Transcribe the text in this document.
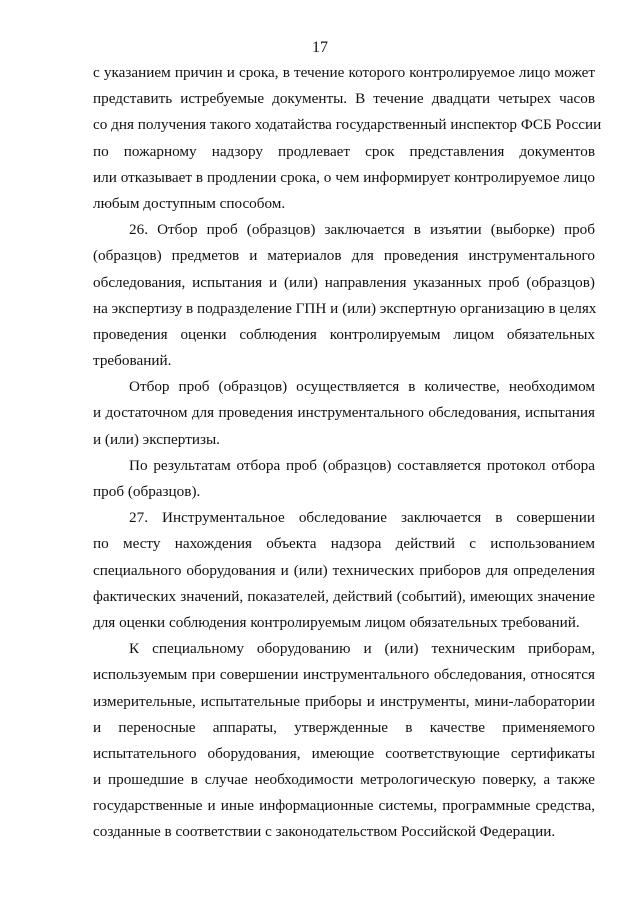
17
с указанием причин и срока, в течение которого контролируемое лицо может
представить истребуемые документы. В течение двадцати четырех часов
со дня получения такого ходатайства государственный инспектор ФСБ России
по пожарному надзору продлевает срок представления документов
или отказывает в продлении срока, о чем информирует контролируемое лицо
любым доступным способом.
26. Отбор проб (образцов) заключается в изъятии (выборке) проб
(образцов) предметов и материалов для проведения инструментального
обследования, испытания и (или) направления указанных проб (образцов)
на экспертизу в подразделение ГПН и (или) экспертную организацию в целях
проведения оценки соблюдения контролируемым лицом обязательных
требований.
Отбор проб (образцов) осуществляется в количестве, необходимом
и достаточном для проведения инструментального обследования, испытания
и (или) экспертизы.
По результатам отбора проб (образцов) составляется протокол отбора
проб (образцов).
27. Инструментальное обследование заключается в совершении
по месту нахождения объекта надзора действий с использованием
специального оборудования и (или) технических приборов для определения
фактических значений, показателей, действий (событий), имеющих значение
для оценки соблюдения контролируемым лицом обязательных требований.
К специальному оборудованию и (или) техническим приборам,
используемым при совершении инструментального обследования, относятся
измерительные, испытательные приборы и инструменты, мини-лаборатории
и переносные аппараты, утвержденные в качестве применяемого
испытательного оборудования, имеющие соответствующие сертификаты
и прошедшие в случае необходимости метрологическую поверку, а также
государственные и иные информационные системы, программные средства,
созданные в соответствии с законодательством Российской Федерации.
